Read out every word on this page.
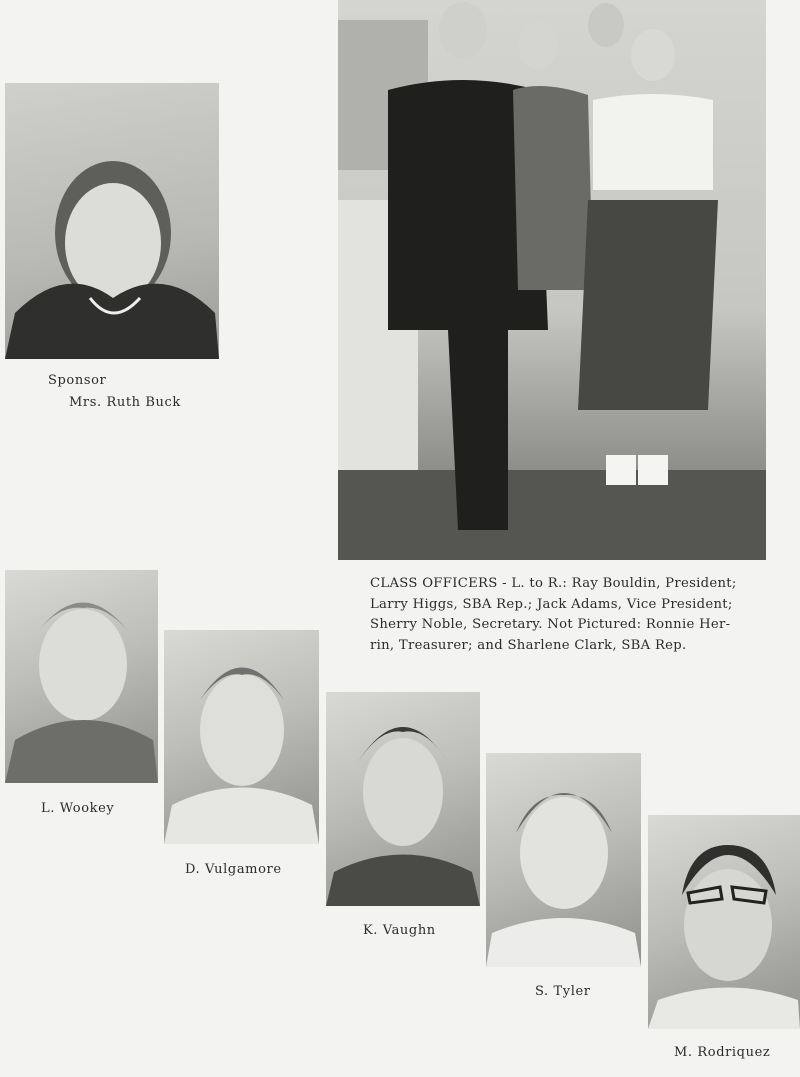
Sponsor
Mrs. Ruth Buck
CLASS OFFICERS - L. to R.: Ray Bouldin, President;
Larry Higgs, SBA Rep.; Jack Adams, Vice President;
Sherry Noble, Secretary. Not Pictured: Ronnie Her-
rin, Treasurer; and Sharlene Clark, SBA Rep.
L. Wookey
D. Vulgamore
K. Vaughn
S. Tyler
M. Rodriquez
